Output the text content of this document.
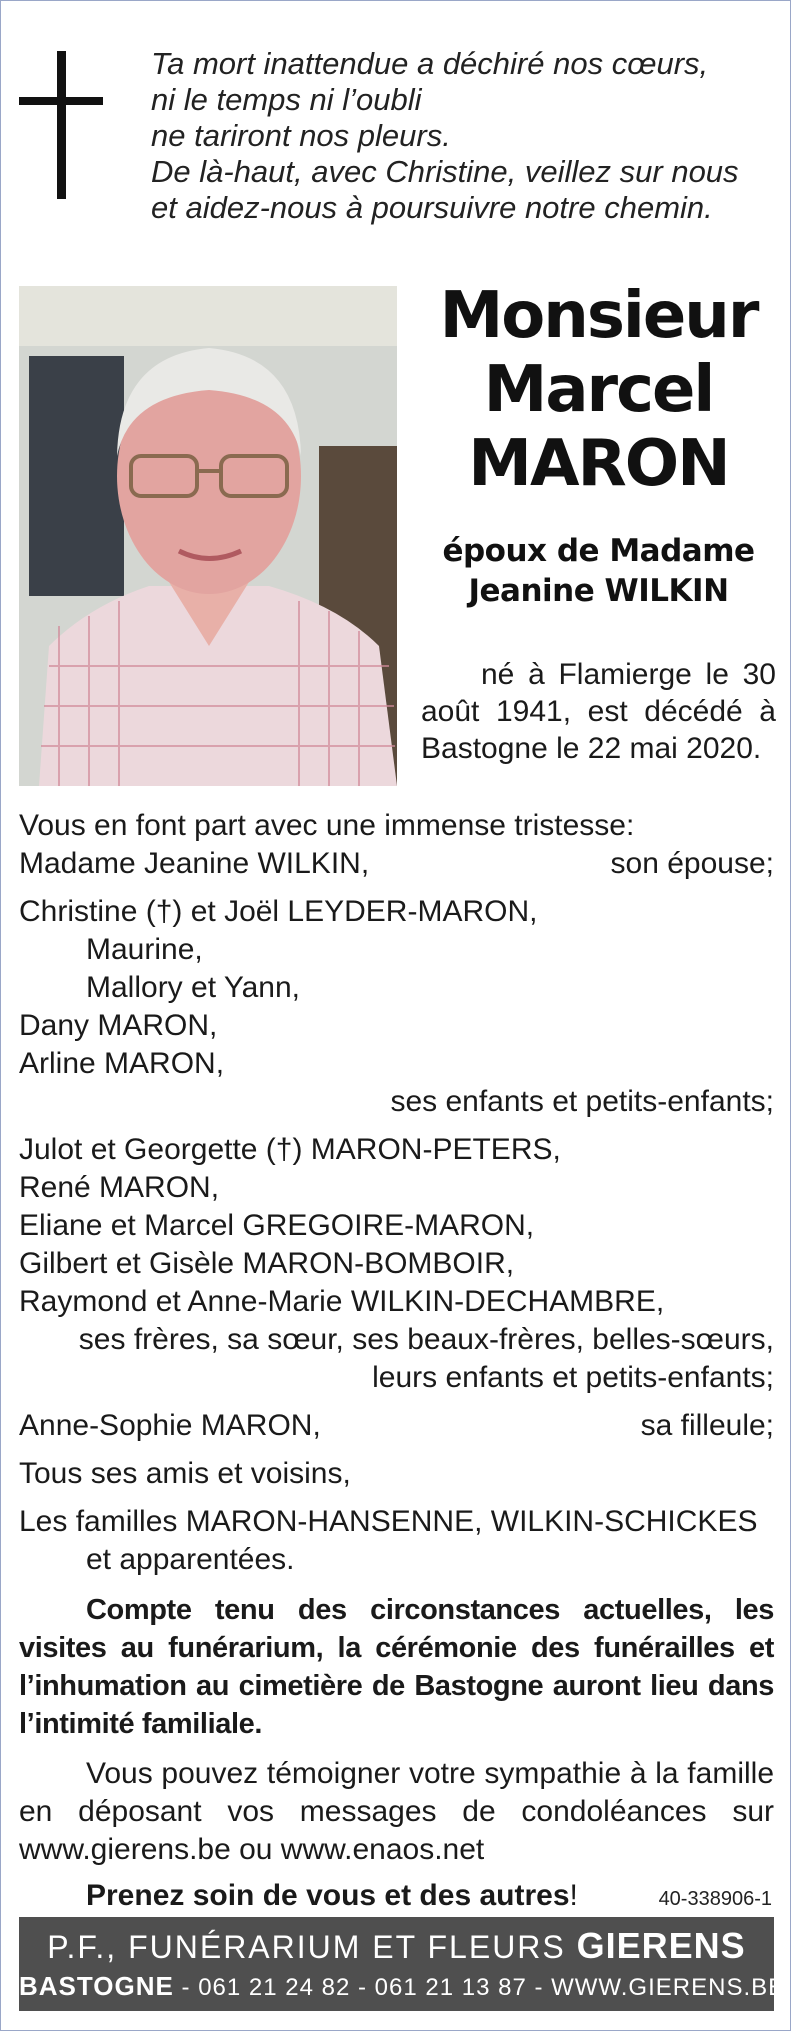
Ta mort inattendue a déchiré nos cœurs,
ni le temps ni l’oubli
ne tariront nos pleurs.
De là-haut, avec Christine, veillez sur nous
et aidez-nous à poursuivre notre chemin.
Monsieur
Marcel
MARON
époux de Madame
Jeanine WILKIN
né à Flamierge le 30 août 1941, est décédé à Bastogne le 22 mai 2020.
Vous en font part avec une immense tristesse:
Madame Jeanine WILKIN,	son épouse;
Christine (†) et Joël LEYDER-MARON,
Maurine,
Mallory et Yann,
Dany MARON,
Arline MARON,
ses enfants et petits-enfants;
Julot et Georgette (†) MARON-PETERS,
René MARON,
Eliane et Marcel GREGOIRE-MARON,
Gilbert et Gisèle MARON-BOMBOIR,
Raymond et Anne-Marie WILKIN-DECHAMBRE,
ses frères, sa sœur, ses beaux-frères, belles-sœurs,
leurs enfants et petits-enfants;
Anne-Sophie MARON,	sa filleule;
Tous ses amis et voisins,
Les familles MARON-HANSENNE, WILKIN-SCHICKES
et apparentées.
Compte tenu des circonstances actuelles, les visites au funérarium, la cérémonie des funérailles et l’inhumation au cimetière de Bastogne auront lieu dans l’intimité familiale.
Vous pouvez témoigner votre sympathie à la famille en déposant vos messages de condoléances sur www.gierens.be ou www.enaos.net
Prenez soin de vous et des autres!	40-338906-1
P.F., FUNÉRARIUM ET FLEURS GIERENS
BASTOGNE - 061 21 24 82 - 061 21 13 87 - WWW.GIERENS.BE
